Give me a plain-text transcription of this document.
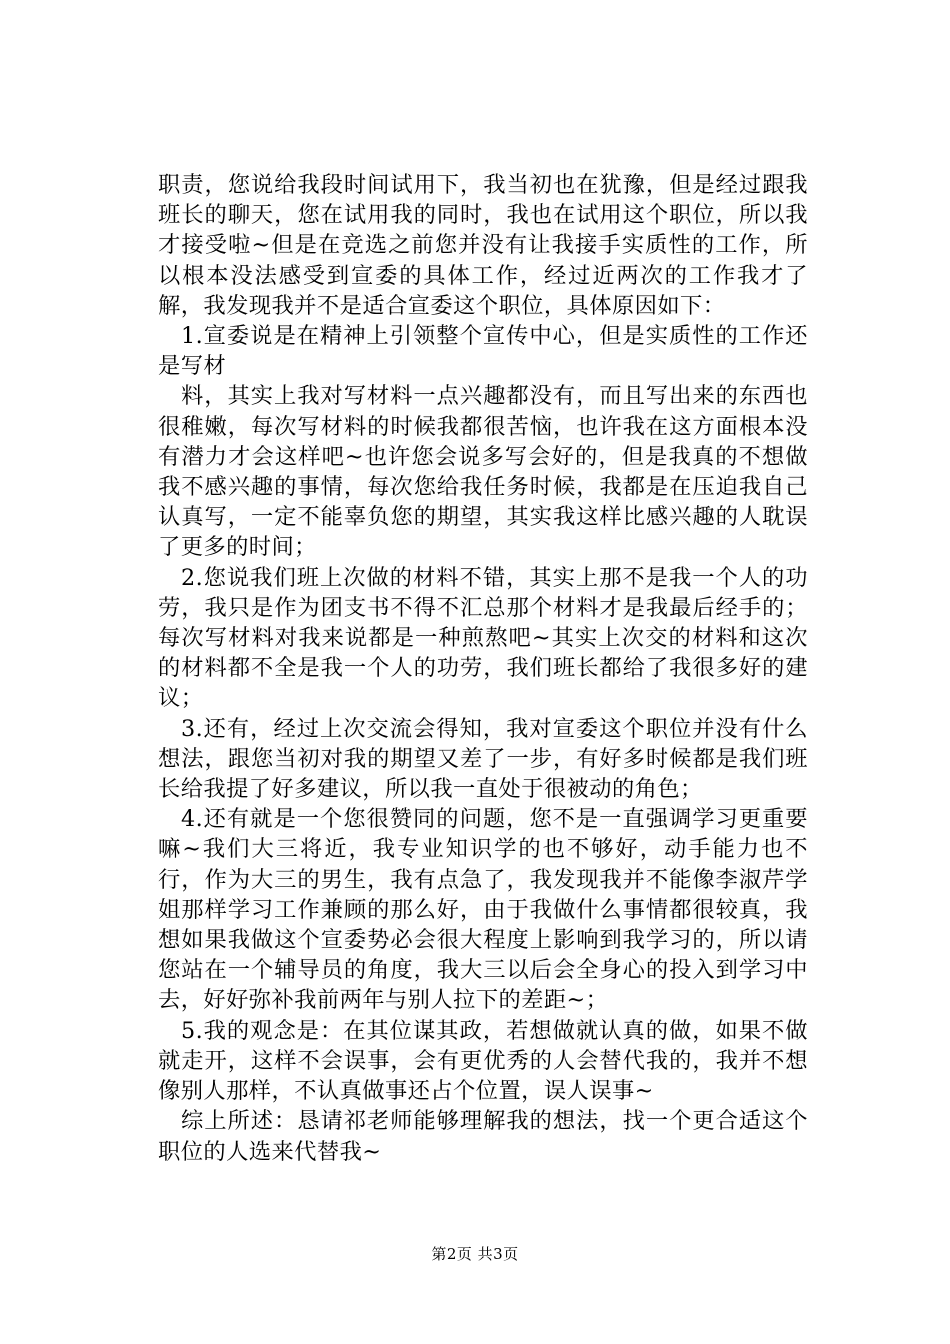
职责，您说给我段时间试用下，我当初也在犹豫，但是经过跟我班长的聊天，您在试用我的同时，我也在试用这个职位，所以我才接受啦~但是在竞选之前您并没有让我接手实质性的工作，所以根本没法感受到宣委的具体工作，经过近两次的工作我才了解，我发现我并不是适合宣委这个职位，具体原因如下：

1.宣委说是在精神上引领整个宣传中心，但是实质性的工作还是写材

料，其实上我对写材料一点兴趣都没有，而且写出来的东西也很稚嫩，每次写材料的时候我都很苦恼，也许我在这方面根本没有潜力才会这样吧~也许您会说多写会好的，但是我真的不想做我不感兴趣的事情，每次您给我任务时候，我都是在压迫我自己认真写，一定不能辜负您的期望，其实我这样比感兴趣的人耽误了更多的时间；

2.您说我们班上次做的材料不错，其实上那不是我一个人的功劳，我只是作为团支书不得不汇总那个材料才是我最后经手的；每次写材料对我来说都是一种煎熬吧~其实上次交的材料和这次的材料都不全是我一个人的功劳，我们班长都给了我很多好的建议；

3.还有，经过上次交流会得知，我对宣委这个职位并没有什么想法，跟您当初对我的期望又差了一步，有好多时候都是我们班长给我提了好多建议，所以我一直处于很被动的角色；

4.还有就是一个您很赞同的问题，您不是一直强调学习更重要嘛~我们大三将近，我专业知识学的也不够好，动手能力也不行，作为大三的男生，我有点急了，我发现我并不能像李淑芹学姐那样学习工作兼顾的那么好，由于我做什么事情都很较真，我想如果我做这个宣委势必会很大程度上影响到我学习的，所以请您站在一个辅导员的角度，我大三以后会全身心的投入到学习中去，好好弥补我前两年与别人拉下的差距~；

5.我的观念是：在其位谋其政，若想做就认真的做，如果不做就走开，这样不会误事，会有更优秀的人会替代我的，我并不想像别人那样，不认真做事还占个位置，误人误事~

综上所述：恳请祁老师能够理解我的想法，找一个更合适这个职位的人选来代替我~

第2页 共3页
